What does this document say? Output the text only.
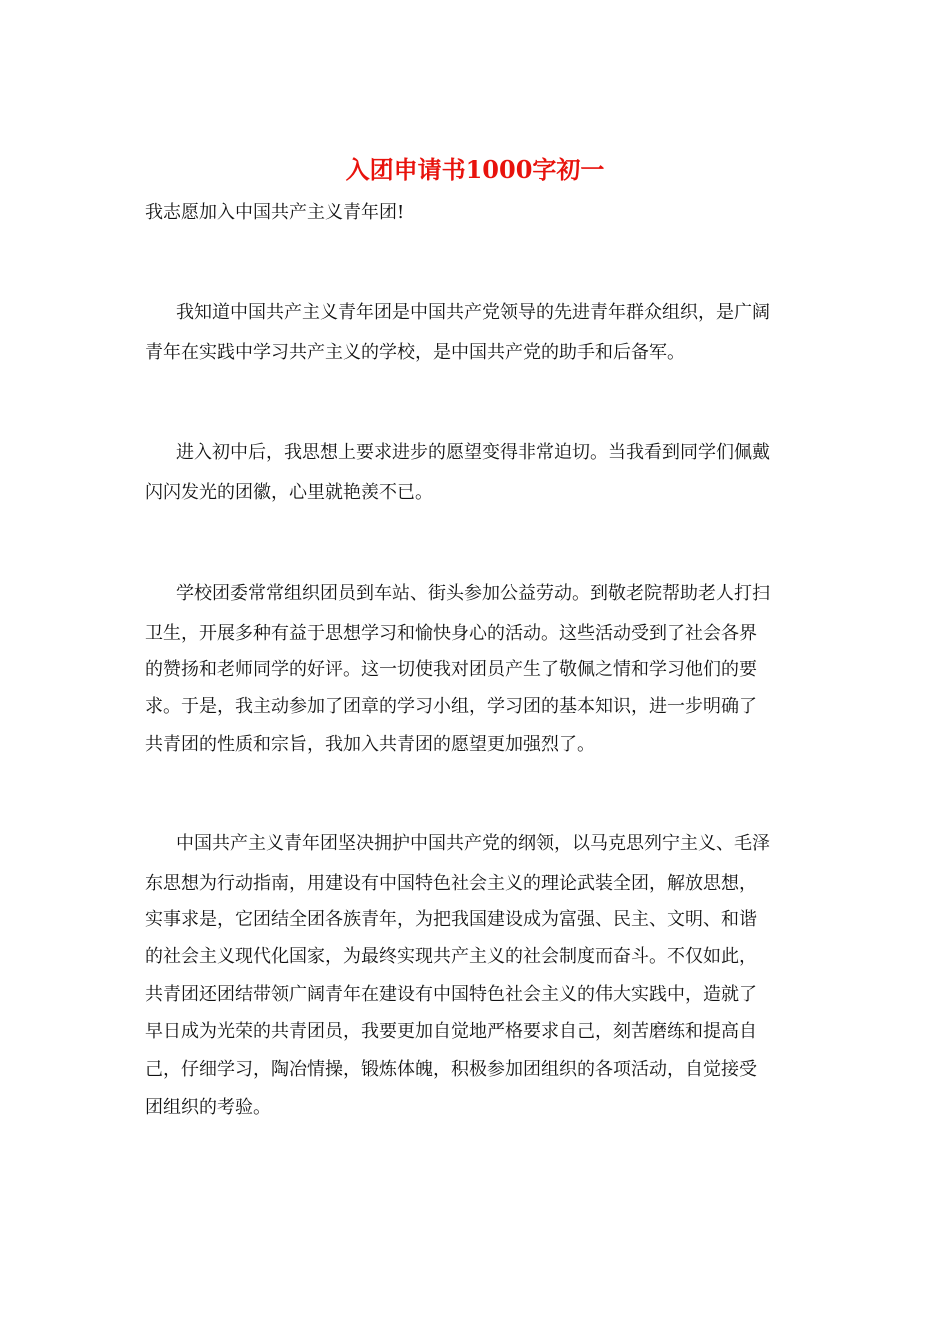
入团申请书1000字初一

我志愿加入中国共产主义青年团!

我知道中国共产主义青年团是中国共产党领导的先进青年群众组织，是广阔

青年在实践中学习共产主义的学校，是中国共产党的助手和后备军。

进入初中后，我思想上要求进步的愿望变得非常迫切。当我看到同学们佩戴

闪闪发光的团徽，心里就艳羡不已。

学校团委常常组织团员到车站、街头参加公益劳动。到敬老院帮助老人打扫

卫生，开展多种有益于思想学习和愉快身心的活动。这些活动受到了社会各界

的赞扬和老师同学的好评。这一切使我对团员产生了敬佩之情和学习他们的要

求。于是，我主动参加了团章的学习小组，学习团的基本知识，进一步明确了

共青团的性质和宗旨，我加入共青团的愿望更加强烈了。

中国共产主义青年团坚决拥护中国共产党的纲领，以马克思列宁主义、毛泽

东思想为行动指南，用建设有中国特色社会主义的理论武装全团，解放思想，

实事求是，它团结全团各族青年，为把我国建设成为富强、民主、文明、和谐

的社会主义现代化国家，为最终实现共产主义的社会制度而奋斗。不仅如此，

共青团还团结带领广阔青年在建设有中国特色社会主义的伟大实践中，造就了

早日成为光荣的共青团员，我要更加自觉地严格要求自己，刻苦磨练和提高自

己，仔细学习，陶冶情操，锻炼体魄，积极参加团组织的各项活动，自觉接受

团组织的考验。
